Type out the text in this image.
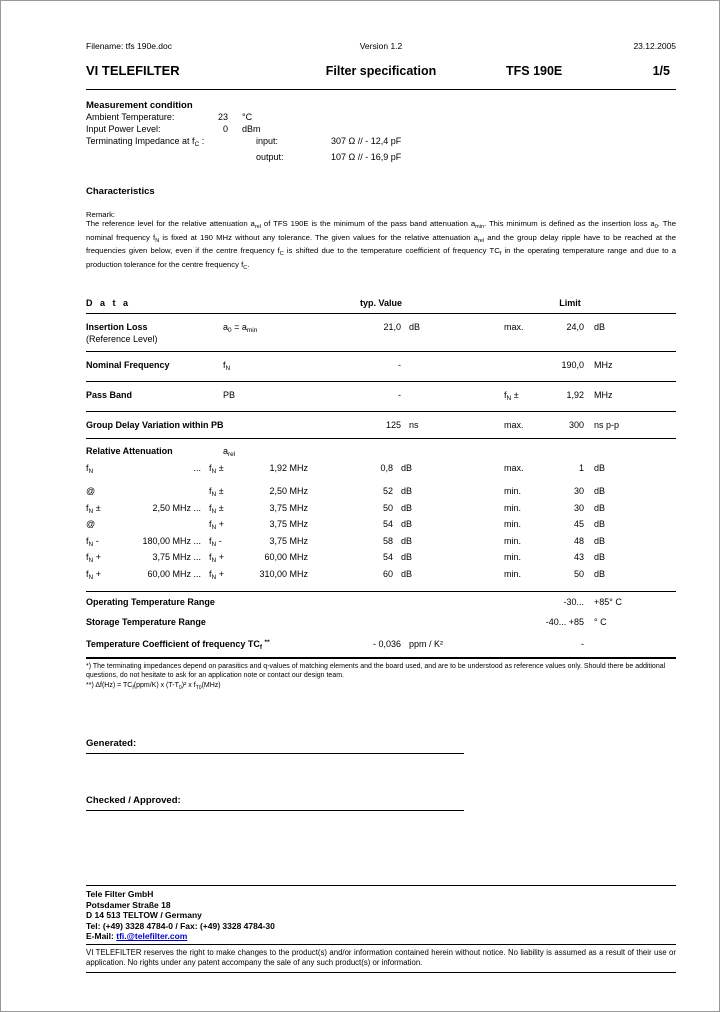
Filename: tfs 190e.doc	Version 1.2	23.12.2005
VI TELEFILTER	Filter specification	TFS 190E	1/5
Measurement condition
Ambient Temperature:	23 °C
Input Power Level:	0 dBm
Terminating Impedance at $f_C$ :	input:	307 Ω // - 12,4 pF
output:	107 Ω // - 16,9 pF
Characteristics
Remark:

The reference level for the relative attenuation $a_{rel}$ of TFS 190E is the minimum of the pass band attenuation $a_{min}$. This minimum is defined as the insertion loss $a_0$. The nominal frequency $f_N$ is fixed at 190 MHz without any tolerance. The given values for the relative attenuation $a_{rel}$ and the group delay ripple have to be reached at the frequencies given below, even if the centre frequency $f_C$ is shifted due to the temperature coefficient of frequency $TC_f$ in the operating temperature range and due to a production tolerance for the centre frequency $f_C$.

D a t a	typ. Value	Limit
Insertion Loss
(Reference Level)
$a_0 = a_{min}$	21,0 dB	max.	24,0	dB
Nominal Frequency	$f_N$	-	190,0	MHz
Pass Band	PB	-	$f_N$ ±	1,92	MHz
Group Delay Variation within PB	125 ns	max.	300	ns p-p
Relative Attenuation	$a_{rel}$
$f_N$	... $f_N$ ±	1,92 MHz	0,8 dB	max.	1	dB
@	$f_N$ ±	2,50 MHz	52 dB	min.	30	dB
$f_N$ ±	2,50 MHz ... $f_N$ ±	3,75 MHz	50 dB	min.	30	dB
@	$f_N$ +	3,75 MHz	54 dB	min.	45	dB
$f_N$ -	180,00 MHz ... $f_N$ -	3,75 MHz	58 dB	min.	48	dB
$f_N$ +	3,75 MHz ... $f_N$ +	60,00 MHz	54 dB	min.	43	dB
$f_N$ +	60,00 MHz ... $f_N$ +	310,00 MHz	60 dB	min.	50	dB
Operating Temperature Range	-30...	+85° C
Storage Temperature Range	-40... +85	° C
Temperature Coefficient of frequency $TC_f$ **	- 0,036 ppm / K²	-

*) The terminating impedances depend on parasitics and q-values of matching elements and the board used, and are to be understood as reference values only. Should there be additional questions, do not hesitate to ask for an application note or contact our design team.

**) $\Delta f(Hz) = TC_f(ppm/K)$ x $(T-T_0)^2$ x $f_{T0}(MHz)$

Generated:
Checked / Approved:
Tele Filter GmbH
Potsdamer Straße 18
D 14 513 TELTOW / Germany
Tel: (+49) 3328 4784-0 / Fax: (+49) 3328 4784-30
E-Mail: tfi.@telefilter.com
VI TELEFILTER reserves the right to make changes to the product(s) and/or information contained herein without notice. No liability is assumed as a result of their use or application. No rights under any patent accompany the sale of any such product(s) or information.
